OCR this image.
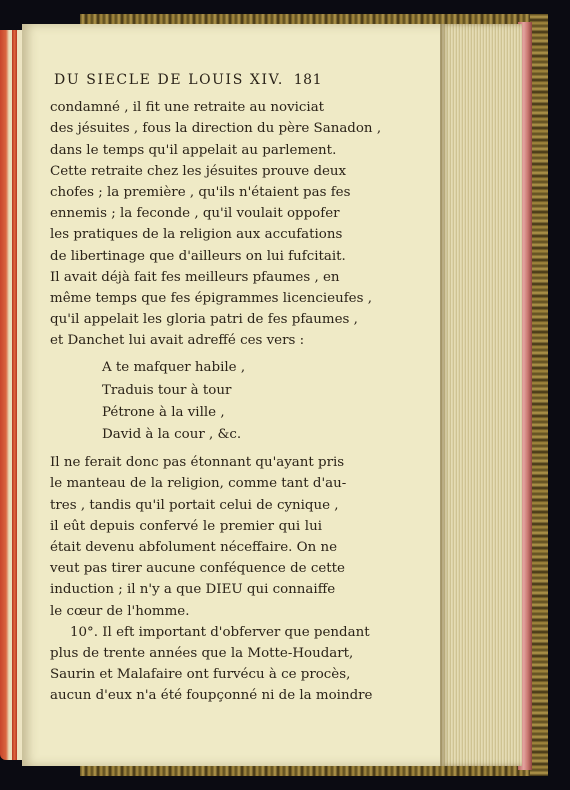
DU SIECLE DE LOUIS XIV. 181
condamné , il fit une retraite au noviciat
des jésuites , fous la direction du père Sanadon ,
dans le temps qu'il appelait au parlement.
Cette retraite chez les jésuites prouve deux
chofes ; la première , qu'ils n'étaient pas fes
ennemis ; la feconde , qu'il voulait oppofer
les pratiques de la religion aux accufations
de libertinage que d'ailleurs on lui fufcitait.
Il avait déjà fait fes meilleurs pfaumes , en
même temps que fes épigrammes licencieufes ,
qu'il appelait les gloria patri de fes pfaumes ,
et Danchet lui avait adreffé ces vers :
A te mafquer habile ,
Traduis tour à tour
Pétrone à la ville ,
David à la cour , &c.
Il ne ferait donc pas étonnant qu'ayant pris
le manteau de la religion, comme tant d'au-
tres , tandis qu'il portait celui de cynique ,
il eût depuis confervé le premier qui lui
était devenu abfolument néceffaire. On ne
veut pas tirer aucune conféquence de cette
induction ; il n'y a que DIEU qui connaiffe
le cœur de l'homme.
10°. Il eft important d'obferver que pendant
plus de trente années que la Motte-Houdart,
Saurin et Malafaire ont furvécu à ce procès,
aucun d'eux n'a été foupçonné ni de la moindre
